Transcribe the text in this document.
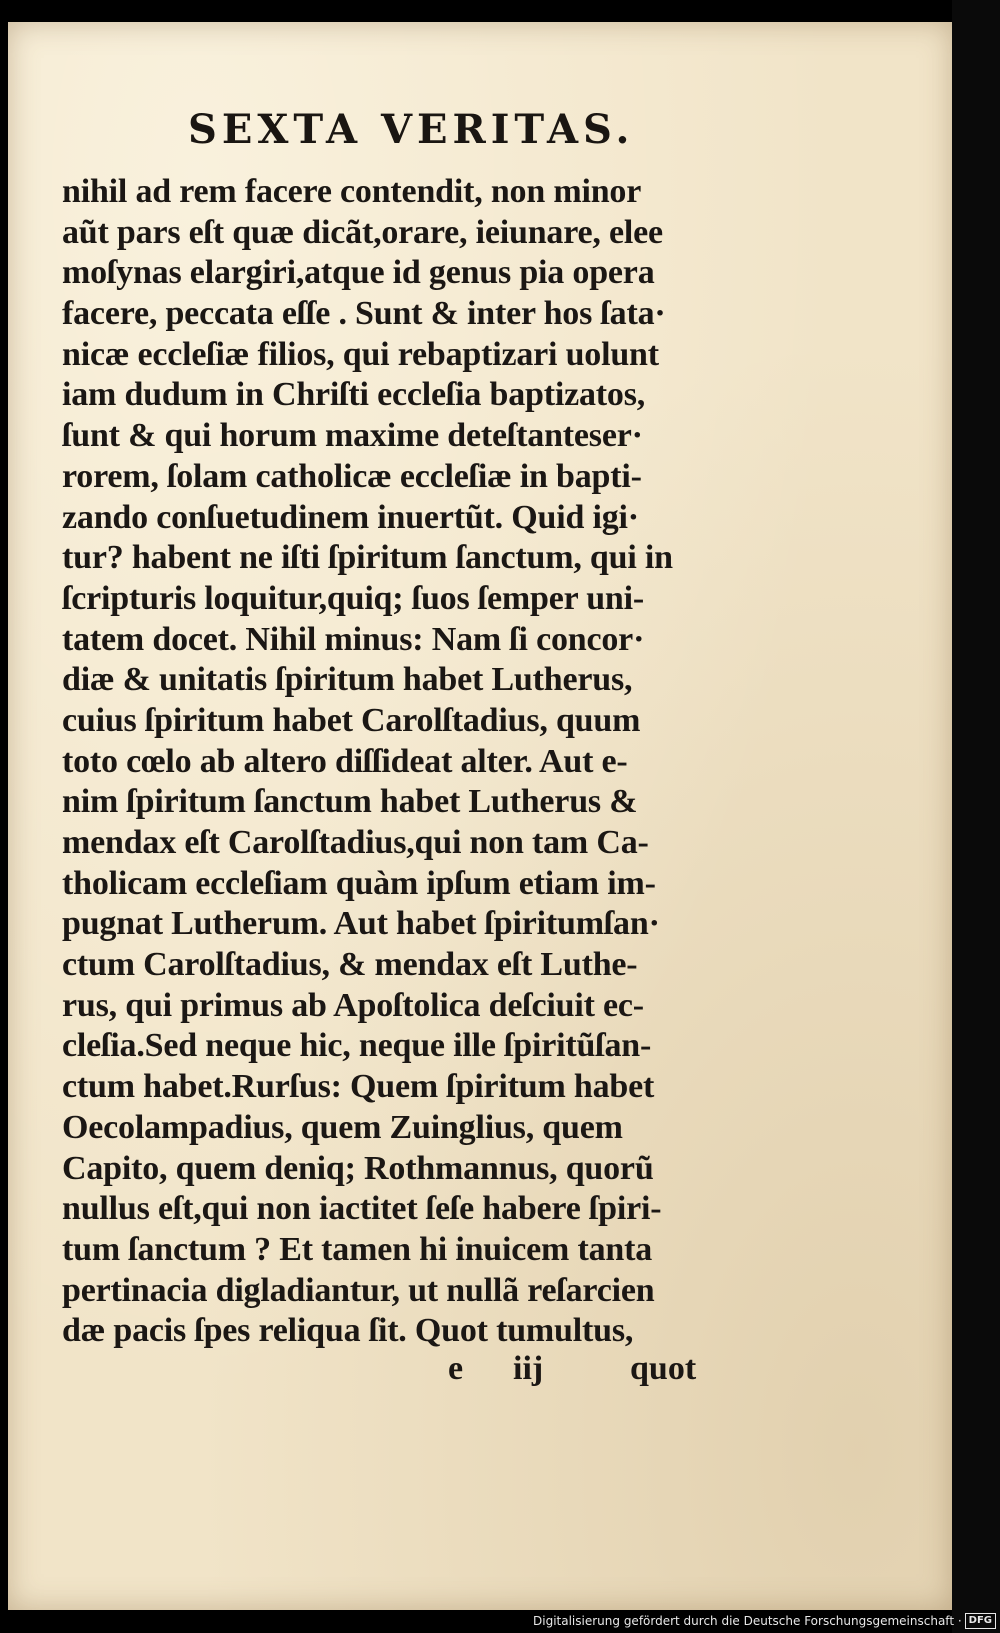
SEXTA VERITAS.
nihil ad rem facere contendit, non minor
aũt pars eſt quæ dicãt,orare, ieiunare, elee
moſynas elargiri,atque id genus pia opera
facere, peccata eſſe . Sunt & inter hos ſata·
nicæ eccleſiæ filios, qui rebaptizari uolunt
iam dudum in Chriſti eccleſia baptizatos,
ſunt & qui horum maxime deteſtanteser·
rorem, ſolam catholicæ eccleſiæ in bapti-
zando conſuetudinem inuertũt. Quid igi·
tur? habent ne iſti ſpiritum ſanctum, qui in
ſcripturis loquitur,quiq; ſuos ſemper uni-
tatem docet. Nihil minus: Nam ſi concor·
diæ & unitatis ſpiritum habet Lutherus,
cuius ſpiritum habet Carolſtadius, quum
toto cœlo ab altero diſſideat alter. Aut e-
nim ſpiritum ſanctum habet Lutherus &
mendax eſt Carolſtadius,qui non tam Ca-
tholicam eccleſiam quàm ipſum etiam im-
pugnat Lutherum. Aut habet ſpiritumſan·
ctum Carolſtadius, & mendax eſt Luthe-
rus, qui primus ab Apoſtolica deſciuit ec-
cleſia.Sed neque hic, neque ille ſpiritũſan-
ctum habet.Rurſus: Quem ſpiritum habet
Oecolampadius, quem Zuinglius, quem
Capito, quem deniq; Rothmannus, quorũ
nullus eſt,qui non iactitet ſeſe habere ſpiri-
tum ſanctum ? Et tamen hi inuicem tanta
pertinacia digladiantur, ut nullã reſarcien
dæ pacis ſpes reliqua ſit. Quot tumultus,
e iij	quot
Digitalisierung gefördert durch die Deutsche Forschungsgemeinschaft · DFG
